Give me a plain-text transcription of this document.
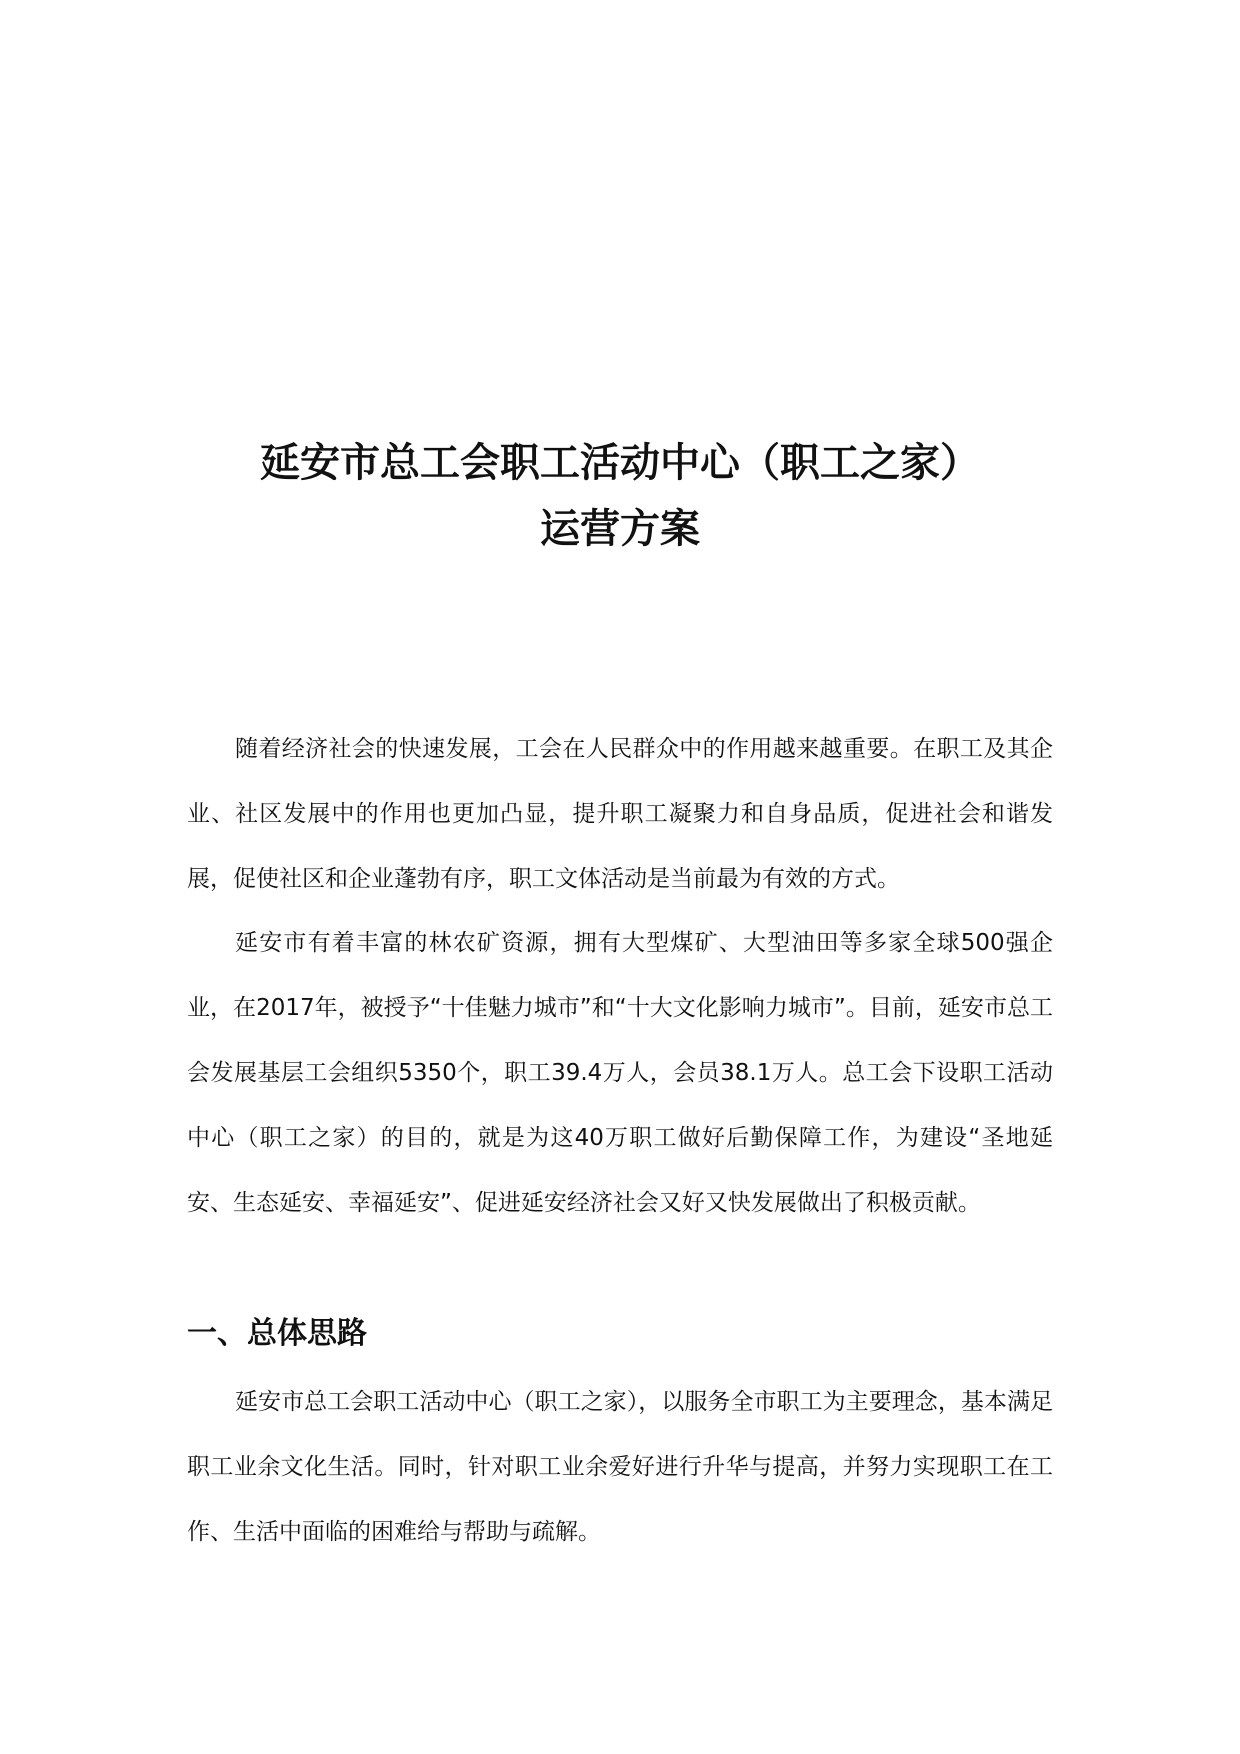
延安市总工会职工活动中心（职工之家）
运营方案

随着经济社会的快速发展，工会在人民群众中的作用越来越重要。在职工及其企业、社区发展中的作用也更加凸显，提升职工凝聚力和自身品质，促进社会和谐发展，促使社区和企业蓬勃有序，职工文体活动是当前最为有效的方式。

延安市有着丰富的林农矿资源，拥有大型煤矿、大型油田等多家全球500强企业，在2017年，被授予“十佳魅力城市”和“十大文化影响力城市”。目前，延安市总工会发展基层工会组织5350个，职工39.4万人，会员38.1万人。总工会下设职工活动中心（职工之家）的目的，就是为这40万职工做好后勤保障工作，为建设“圣地延安、生态延安、幸福延安”、促进延安经济社会又好又快发展做出了积极贡献。

一、总体思路

延安市总工会职工活动中心（职工之家），以服务全市职工为主要理念，基本满足职工业余文化生活。同时，针对职工业余爱好进行升华与提高，并努力实现职工在工作、生活中面临的困难给与帮助与疏解。
